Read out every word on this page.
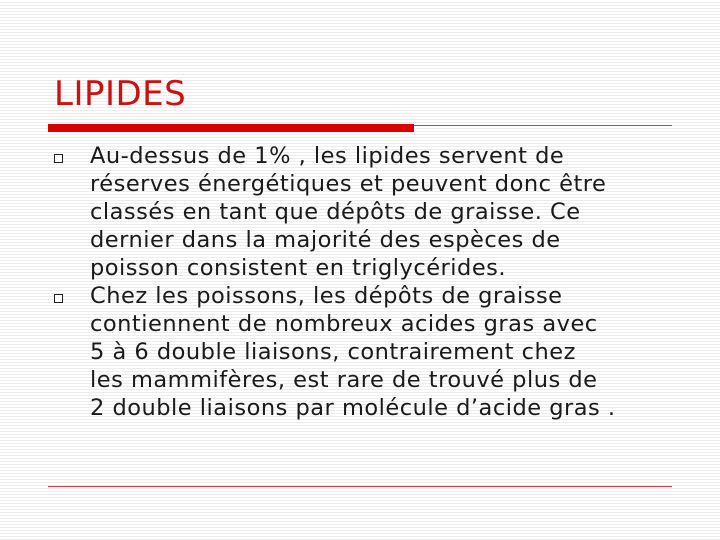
LIPIDES
Au-dessus de 1% , les lipides servent de
réserves énergétiques et peuvent donc être
classés en tant que dépôts de graisse. Ce
dernier dans la majorité des espèces de
poisson consistent en triglycérides.
Chez les poissons, les dépôts de graisse
contiennent de nombreux acides gras avec
5 à 6 double liaisons, contrairement chez
les mammifères, est rare de trouvé plus de
2 double liaisons par molécule d’acide gras .
